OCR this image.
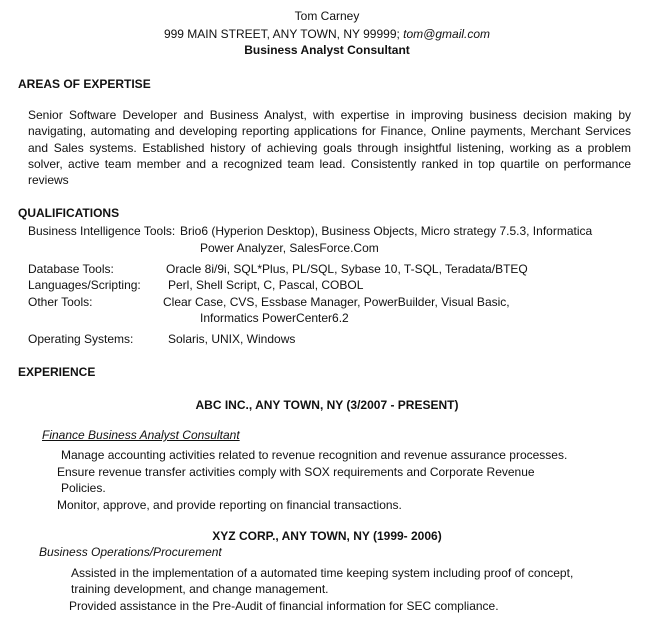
Tom Carney
999 MAIN STREET, ANY TOWN, NY 99999; tom@gmail.com
Business Analyst Consultant
AREAS OF EXPERTISE
Senior Software Developer and Business Analyst, with expertise in improving business decision making by navigating, automating and developing reporting applications for Finance, Online payments, Merchant Services and Sales systems. Established history of achieving goals through insightful listening, working as a problem solver, active team member and a recognized team lead. Consistently ranked in top quartile on performance reviews
QUALIFICATIONS
Business Intelligence Tools: Brio6 (Hyperion Desktop), Business Objects, Micro strategy 7.5.3, Informatica
Power Analyzer, SalesForce.Com
Database Tools:	Oracle 8i/9i, SQL*Plus, PL/SQL, Sybase 10, T-SQL, Teradata/BTEQ
Languages/Scripting: Perl, Shell Script, C, Pascal, COBOL
Other Tools:	Clear Case, CVS, Essbase Manager, PowerBuilder, Visual Basic,
Informatics PowerCenter6.2
Operating Systems:	Solaris, UNIX, Windows
EXPERIENCE
ABC INC., ANY TOWN, NY (3/2007 - PRESENT)
Finance Business Analyst Consultant
Manage accounting activities related to revenue recognition and revenue assurance processes.
Ensure revenue transfer activities comply with SOX requirements and Corporate Revenue
Policies.
Monitor, approve, and provide reporting on financial transactions.
XYZ CORP., ANY TOWN, NY (1999- 2006)
Business Operations/Procurement
Assisted in the implementation of a automated time keeping system including proof of concept,
training development, and change management.
Provided assistance in the Pre-Audit of financial information for SEC compliance.
